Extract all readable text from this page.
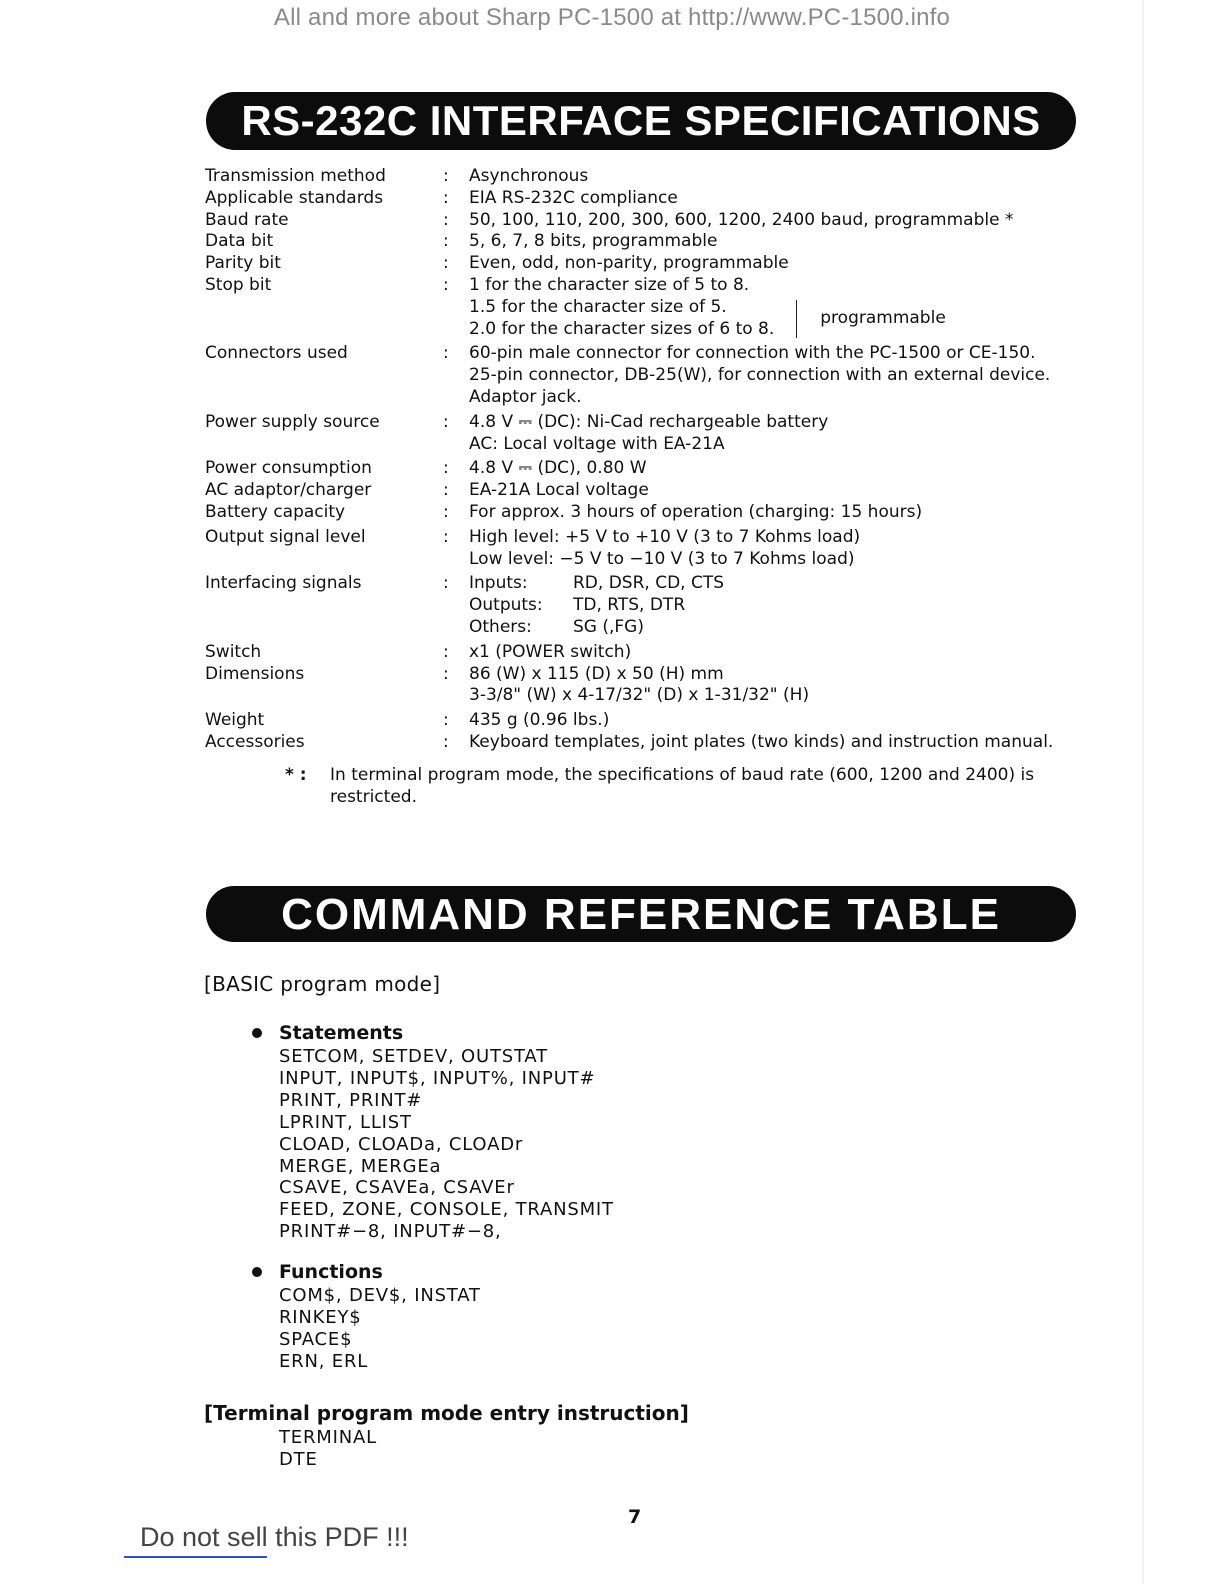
All and more about Sharp PC-1500 at http://www.PC-1500.info
RS-232C INTERFACE SPECIFICATIONS
Transmission method	:	Asynchronous
Applicable standards	:	EIA RS-232C compliance
Baud rate	:	50, 100, 110, 200, 300, 600, 1200, 2400 baud, programmable *
Data bit	:	5, 6, 7, 8 bits, programmable
Parity bit	:	Even, odd, non-parity, programmable
Stop bit	:	1 for the character size of 5 to 8.
1.5 for the character size of 5.
2.0 for the character sizes of 6 to 8.
programmable
Connectors used	:	60-pin male connector for connection with the PC-1500 or CE-150.
25-pin connector, DB-25(W), for connection with an external device.
Adaptor jack.
Power supply source	:	4.8 V ⎓ (DC): Ni-Cad rechargeable battery
AC: Local voltage with EA-21A
Power consumption	:	4.8 V ⎓ (DC), 0.80 W
AC adaptor/charger	:	EA-21A Local voltage
Battery capacity	:	For approx. 3 hours of operation (charging: 15 hours)
Output signal level	:	High level: +5 V to +10 V (3 to 7 Kohms load)
Low level: −5 V to −10 V (3 to 7 Kohms load)
Interfacing signals	:	Inputs:	RD, DSR, CD, CTS
Outputs:	TD, RTS, DTR
Others:	SG (,FG)
Switch	:	x1 (POWER switch)
Dimensions	:	86 (W) x 115 (D) x 50 (H) mm
3-3/8" (W) x 4-17/32" (D) x 1-31/32" (H)
Weight	:	435 g (0.96 lbs.)
Accessories	:	Keyboard templates, joint plates (two kinds) and instruction manual.
* :	In terminal program mode, the specifications of baud rate (600, 1200 and 2400) is restricted.
COMMAND REFERENCE TABLE
[BASIC program mode]
Statements
SETCOM, SETDEV, OUTSTAT
INPUT, INPUT$, INPUT%, INPUT#
PRINT, PRINT#
LPRINT, LLIST
CLOAD, CLOADa, CLOADr
MERGE, MERGEa
CSAVE, CSAVEa, CSAVEr
FEED, ZONE, CONSOLE, TRANSMIT
PRINT#−8, INPUT#−8,
Functions
COM$, DEV$, INSTAT
RINKEY$
SPACE$
ERN, ERL
[Terminal program mode entry instruction]
TERMINAL
DTE
7
Do not sell this PDF !!!
